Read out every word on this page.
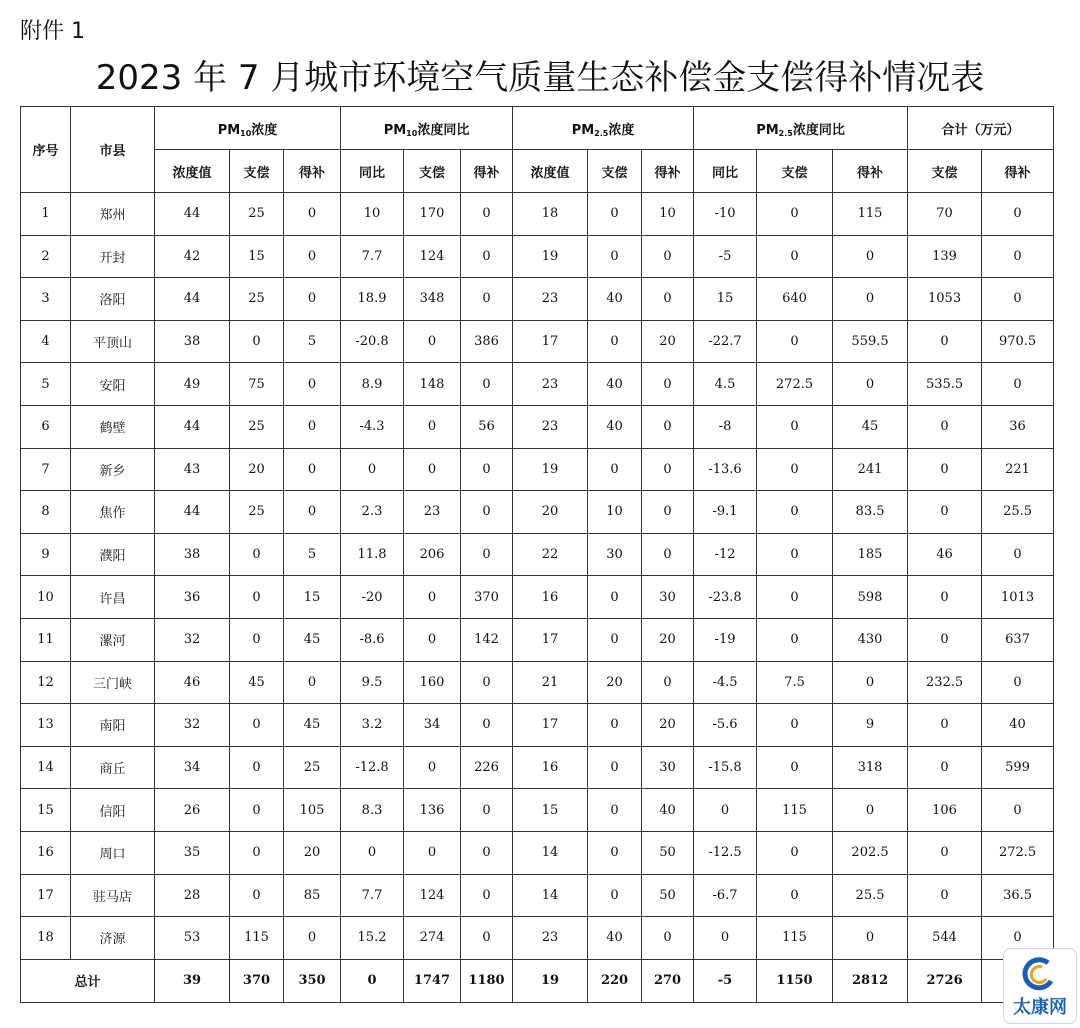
附件 1
2023 年 7 月城市环境空气质量生态补偿金支偿得补情况表
序号	市县	$PM_{10}$浓度			$PM_{10}$浓度同比			$PM_{2.5}$浓度			$PM_{2.5}$浓度同比			合计（万元）	
		浓度值	支偿	得补	同比	支偿	得补	浓度值	支偿	得补	同比	支偿	得补	支偿	得补
1	郑州	44	25	0	10	170	0	18	0	10	-10	0	115	70	0
2	开封	42	15	0	7.7	124	0	19	0	0	-5	0	0	139	0
3	洛阳	44	25	0	18.9	348	0	23	40	0	15	640	0	1053	0
4	平顶山	38	0	5	-20.8	0	386	17	0	20	-22.7	0	559.5	0	970.5
5	安阳	49	75	0	8.9	148	0	23	40	0	4.5	272.5	0	535.5	0
6	鹤壁	44	25	0	-4.3	0	56	23	40	0	-8	0	45	0	36
7	新乡	43	20	0	0	0	0	19	0	0	-13.6	0	241	0	221
8	焦作	44	25	0	2.3	23	0	20	10	0	-9.1	0	83.5	0	25.5
9	濮阳	38	0	5	11.8	206	0	22	30	0	-12	0	185	46	0
10	许昌	36	0	15	-20	0	370	16	0	30	-23.8	0	598	0	1013
11	漯河	32	0	45	-8.6	0	142	17	0	20	-19	0	430	0	637
12	三门峡	46	45	0	9.5	160	0	21	20	0	-4.5	7.5	0	232.5	0
13	南阳	32	0	45	3.2	34	0	17	0	20	-5.6	0	9	0	40
14	商丘	34	0	25	-12.8	0	226	16	0	30	-15.8	0	318	0	599
15	信阳	26	0	105	8.3	136	0	15	0	40	0	115	0	106	0
16	周口	35	0	20	0	0	0	14	0	50	-12.5	0	202.5	0	272.5
17	驻马店	28	0	85	7.7	124	0	14	0	50	-6.7	0	25.5	0	36.5
18	济源	53	115	0	15.2	274	0	23	40	0	0	115	0	544	0
总计		39	370	350	0	1747	1180	19	220	270	-5	1150	2812	2726	
太康网
